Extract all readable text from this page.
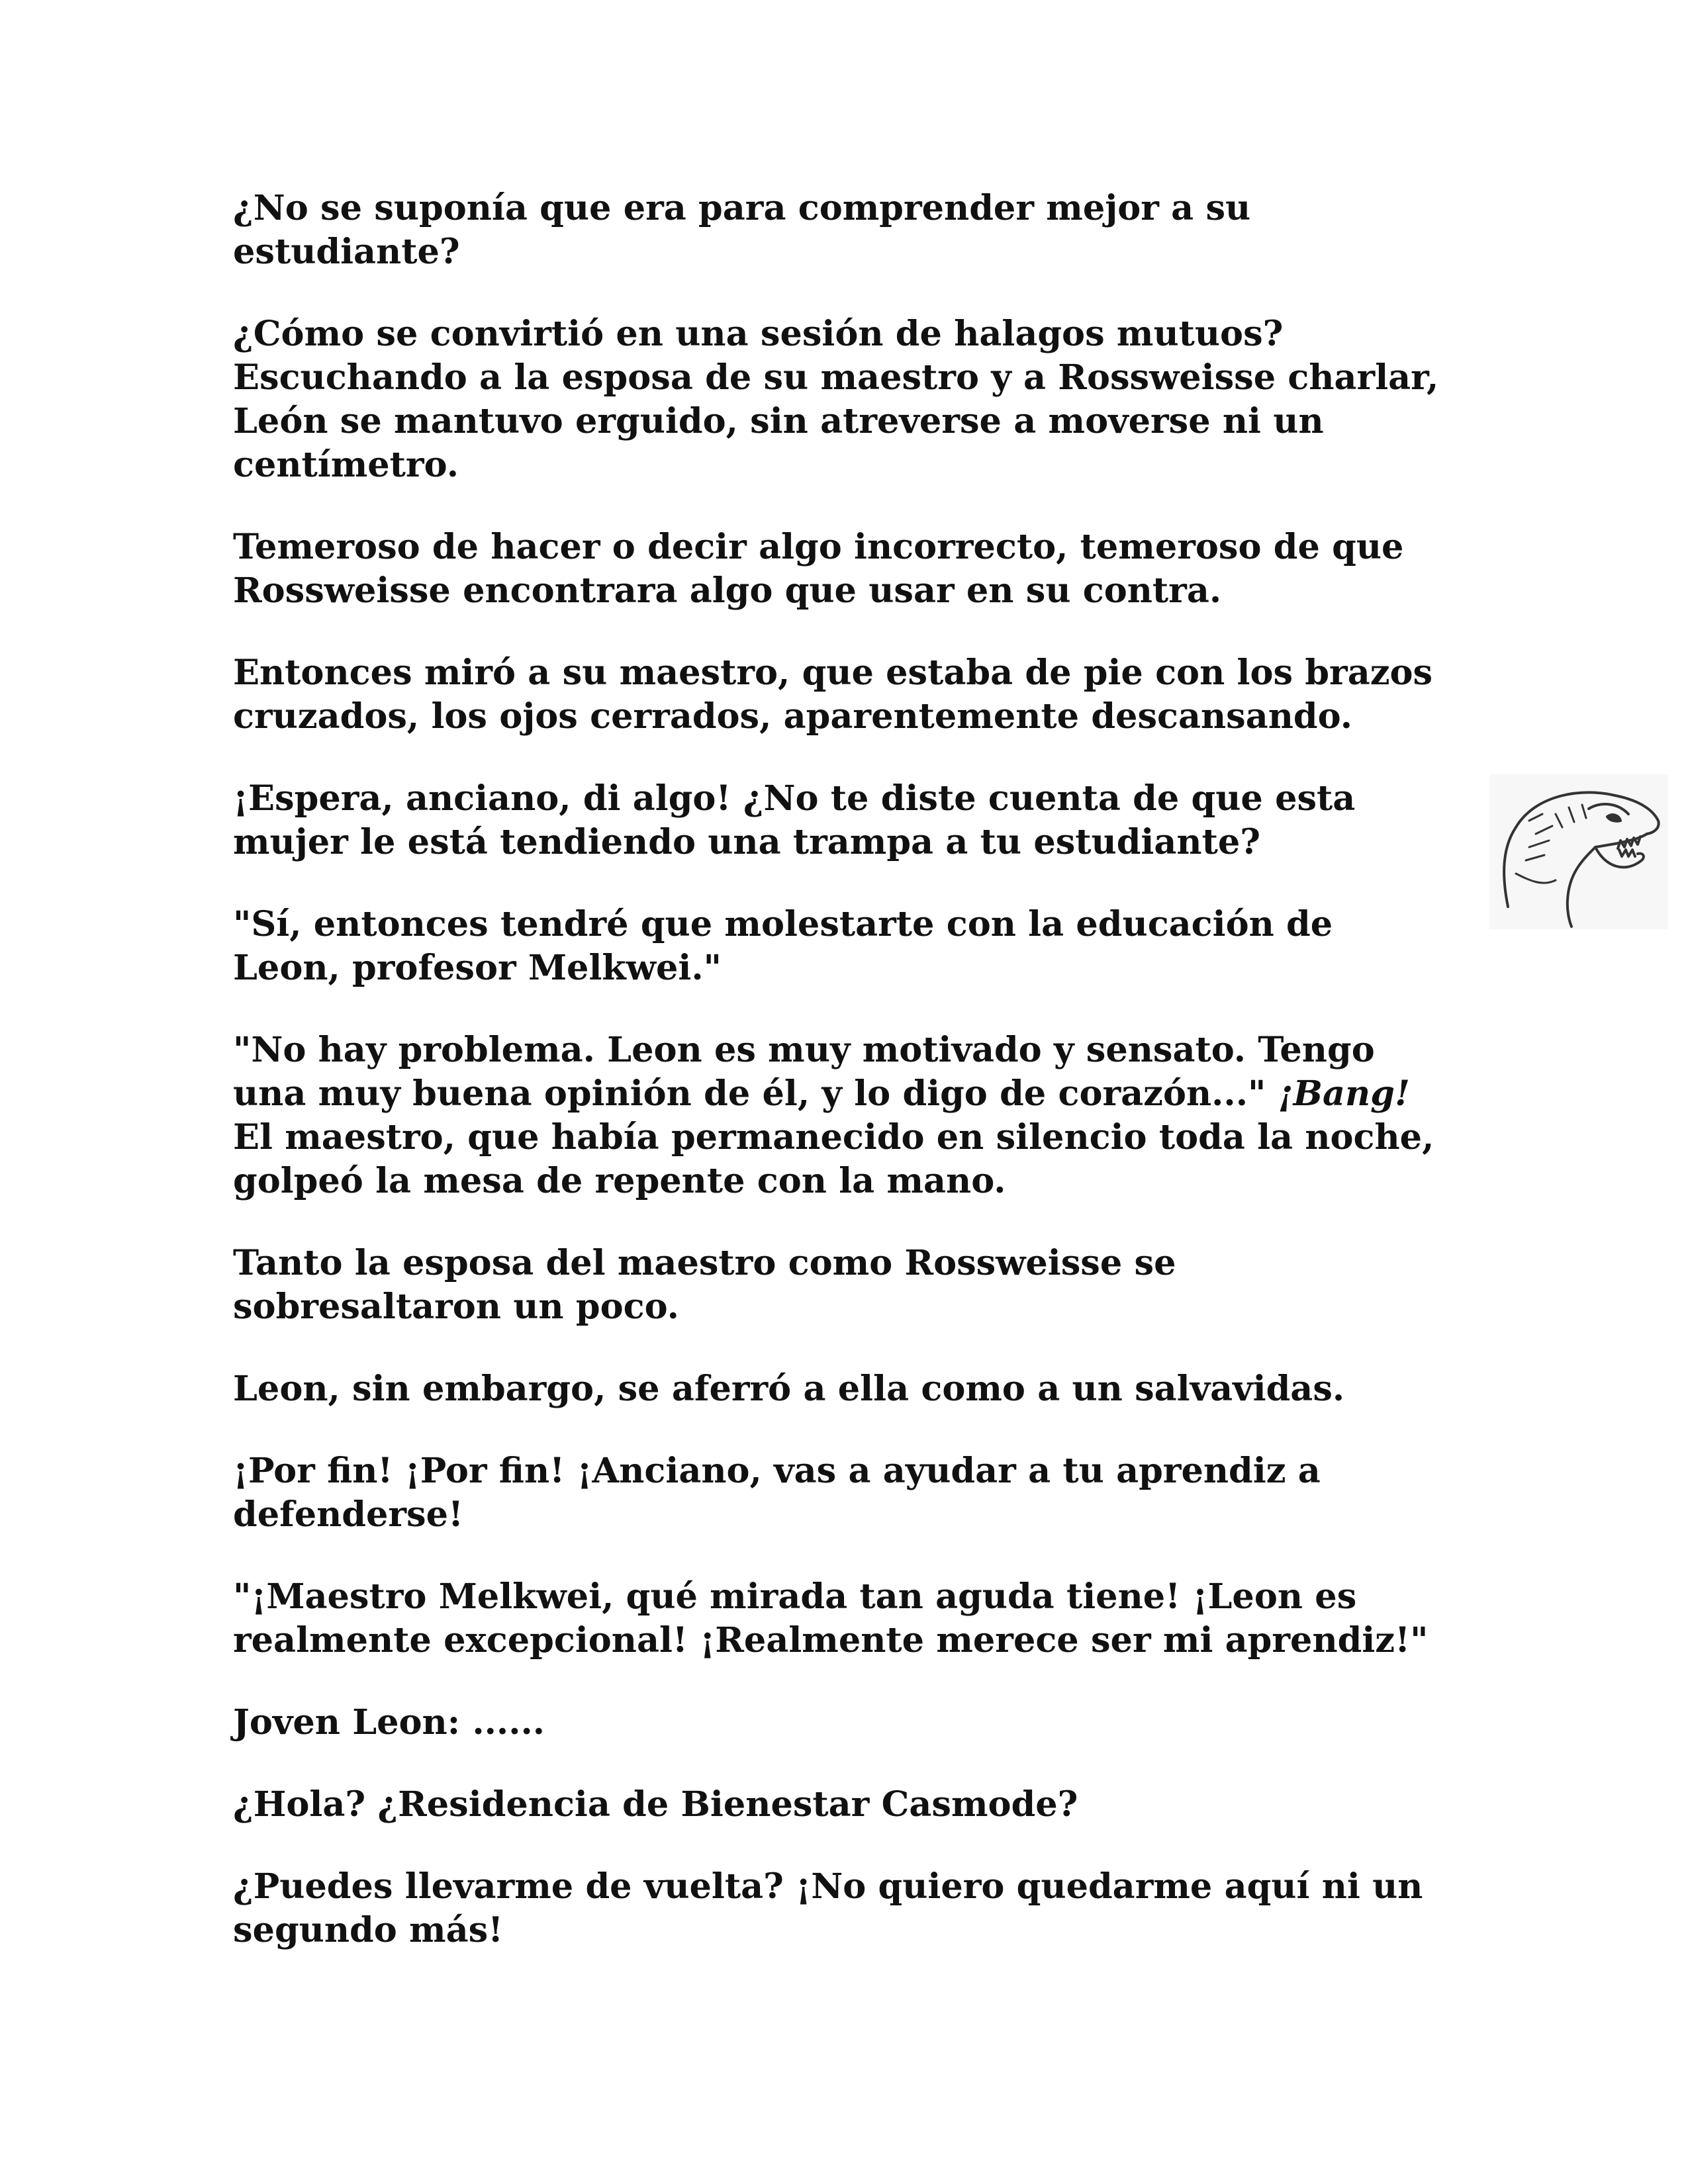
¿No se suponía que era para comprender mejor a su estudiante?

¿Cómo se convirtió en una sesión de halagos mutuos? Escuchando a la esposa de su maestro y a Rossweisse charlar, León se mantuvo erguido, sin atreverse a moverse ni un centímetro.

Temeroso de hacer o decir algo incorrecto, temeroso de que Rossweisse encontrara algo que usar en su contra.

Entonces miró a su maestro, que estaba de pie con los brazos cruzados, los ojos cerrados, aparentemente descansando.

¡Espera, anciano, di algo! ¿No te diste cuenta de que esta mujer le está tendiendo una trampa a tu estudiante?

"Sí, entonces tendré que molestarte con la educación de Leon, profesor Melkwei."

"No hay problema. Leon es muy motivado y sensato. Tengo una muy buena opinión de él, y lo digo de corazón..." ¡Bang! El maestro, que había permanecido en silencio toda la noche, golpeó la mesa de repente con la mano.

Tanto la esposa del maestro como Rossweisse se sobresaltaron un poco.

Leon, sin embargo, se aferró a ella como a un salvavidas.

¡Por fin! ¡Por fin! ¡Anciano, vas a ayudar a tu aprendiz a defenderse!

"¡Maestro Melkwei, qué mirada tan aguda tiene! ¡Leon es realmente excepcional! ¡Realmente merece ser mi aprendiz!"

Joven Leon: ......

¿Hola? ¿Residencia de Bienestar Casmode?

¿Puedes llevarme de vuelta? ¡No quiero quedarme aquí ni un segundo más!
